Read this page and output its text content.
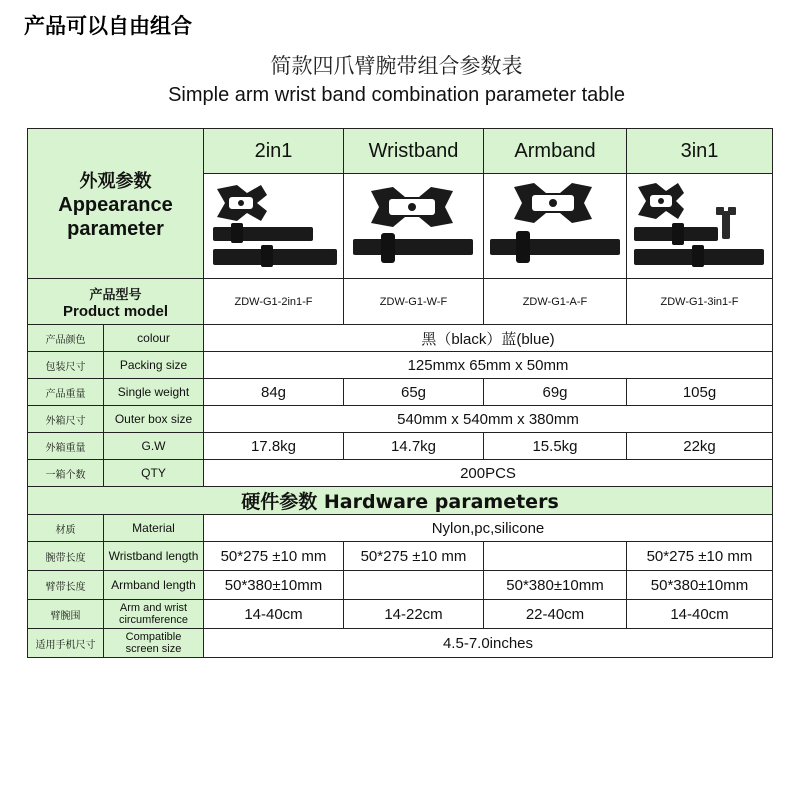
产品可以自由组合
简款四爪臂腕带组合参数表
Simple arm wrist band combination parameter table
外观参数
Appearance parameter		2in1	Wristband	Armband	3in1

产品型号
Product model		ZDW-G1-2in1-F	ZDW-G1-W-F	ZDW-G1-A-F	ZDW-G1-3in1-F
产品颜色	colour	黑（black）蓝(blue)			
包装尺寸	Packing size	125mmx 65mm x 50mm			
产品重量	Single weight	84g	65g	69g	105g
外箱尺寸	Outer box size	540mm x 540mm x 380mm			
外箱重量	G.W	17.8kg	14.7kg	15.5kg	22kg
一箱个数	QTY	200PCS			
硬件参数 Hardware parameters					
材质	Material	Nylon,pc,silicone			
腕带长度	Wristband length	50*275 ±10 mm	50*275 ±10 mm		50*275 ±10 mm
臂带长度	Armband length	50*380±10mm		50*380±10mm	50*380±10mm
臂腕围	Arm and wrist
circumference	14-40cm	14-22cm	22-40cm	14-40cm
适用手机尺寸	Compatible
screen size	4.5-7.0inches			
